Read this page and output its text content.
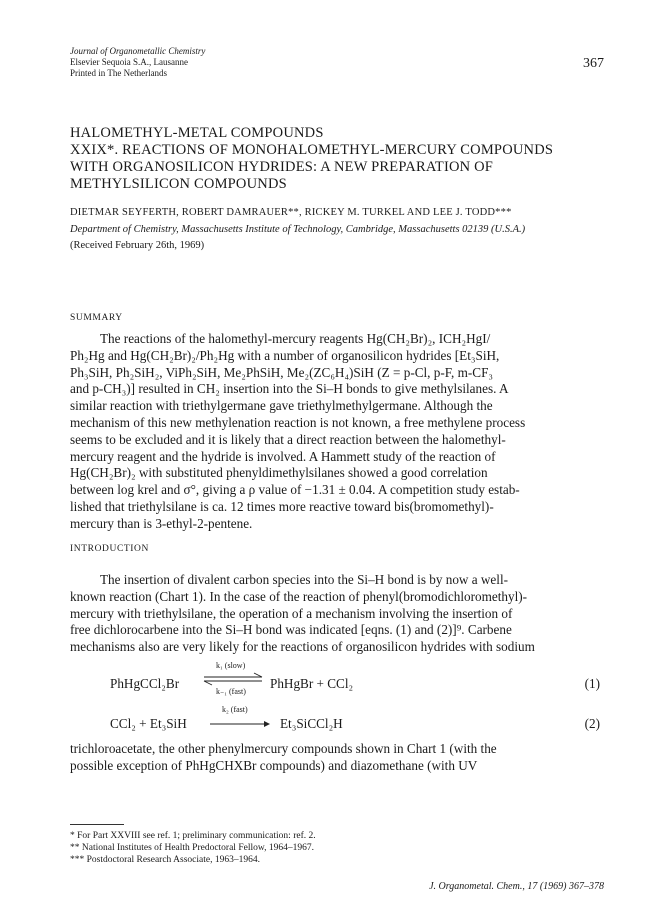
Journal of Organometallic Chemistry
Elsevier Sequoia S.A., Lausanne
Printed in The Netherlands
367
HALOMETHYL-METAL COMPOUNDS
XXIX*. REACTIONS OF MONOHALOMETHYL-MERCURY COMPOUNDS
WITH ORGANOSILICON HYDRIDES: A NEW PREPARATION OF
METHYLSILICON COMPOUNDS
DIETMAR SEYFERTH, ROBERT DAMRAUER**, RICKEY M. TURKEL AND LEE J. TODD***
Department of Chemistry, Massachusetts Institute of Technology, Cambridge, Massachusetts 02139 (U.S.A.)
(Received February 26th, 1969)
SUMMARY
The reactions of the halomethyl-mercury reagents Hg(CH₂Br)₂, ICH₂HgI/
Ph₂Hg and Hg(CH₂Br)₂/Ph₂Hg with a number of organosilicon hydrides [Et₃SiH,
Ph₃SiH, Ph₂SiH₂, ViPh₂SiH, Me₂PhSiH, Me₂(ZC₆H₄)SiH (Z = p-Cl, p-F, m-CF₃
and p-CH₃)] resulted in CH₂ insertion into the Si–H bonds to give methylsilanes. A
similar reaction with triethylgermane gave triethylmethylgermane. Although the
mechanism of this new methylenation reaction is not known, a free methylene process
seems to be excluded and it is likely that a direct reaction between the halomethyl-
mercury reagent and the hydride is involved. A Hammett study of the reaction of
Hg(CH₂Br)₂ with substituted phenyldimethylsilanes showed a good correlation
between log krel and σ°, giving a ρ value of −1.31 ± 0.04. A competition study estab-
lished that triethylsilane is ca. 12 times more reactive toward bis(bromomethyl)-
mercury than is 3-ethyl-2-pentene.
INTRODUCTION
The insertion of divalent carbon species into the Si–H bond is by now a well-
known reaction (Chart 1). In the case of the reaction of phenyl(bromodichloromethyl)-
mercury with triethylsilane, the operation of a mechanism involving the insertion of
free dichlorocarbene into the Si–H bond was indicated [eqns. (1) and (2)]⁹. Carbene
mechanisms also are very likely for the reactions of organosilicon hydrides with sodium
PhHgCCl₂Br
k₁ (slow)
k₋₁ (fast)
PhHgBr + CCl₂	(1)
CCl₂ + Et₃SiH
k₂ (fast)
Et₃SiCCl₂H	(2)
trichloroacetate, the other phenylmercury compounds shown in Chart 1 (with the
possible exception of PhHgCHXBr compounds) and diazomethane (with UV
* For Part XXVIII see ref. 1; preliminary communication: ref. 2.
** National Institutes of Health Predoctoral Fellow, 1964–1967.
*** Postdoctoral Research Associate, 1963–1964.
J. Organometal. Chem., 17 (1969) 367–378
